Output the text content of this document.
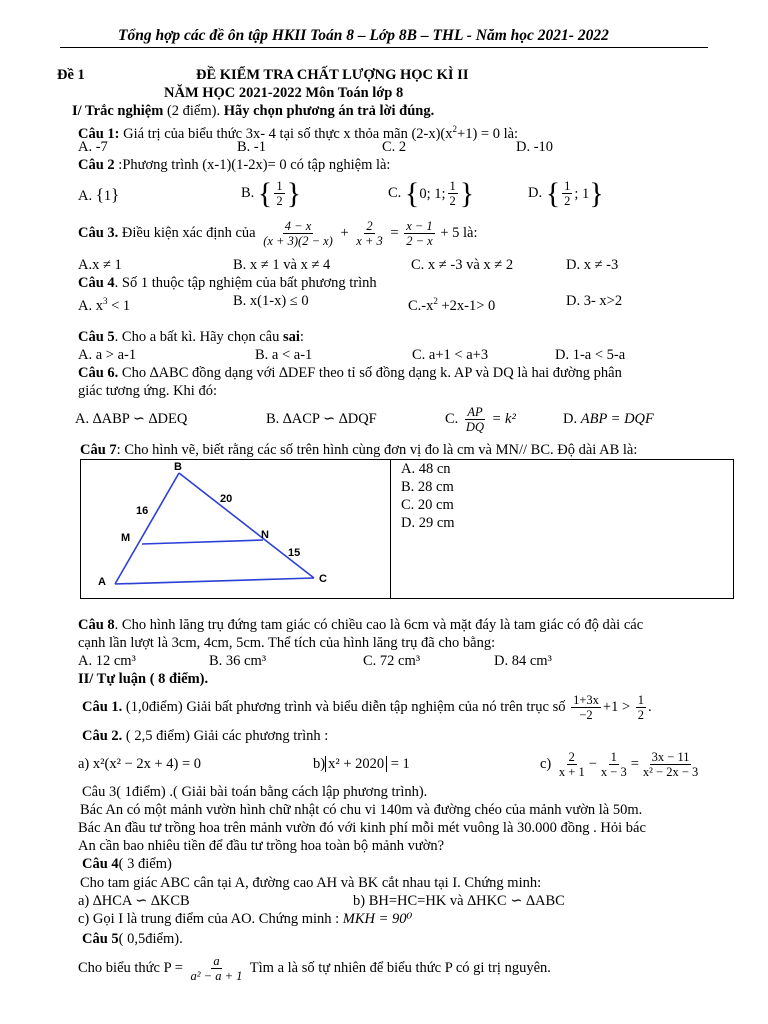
Tổng hợp các đề ôn tập HKII Toán 8 – Lớp 8B – THL - Năm học 2021- 2022
Đề 1	ĐỀ KIỂM TRA CHẤT LƯỢNG HỌC KÌ II
NĂM HỌC 2021-2022 Môn Toán lớp 8
I/ Trắc nghiệm (2 điểm). Hãy chọn phương án trả lời đúng.
Câu 1: Giá trị của biểu thức 3x- 4 tại số thực x thỏa mãn $(2-x)(x^2+1) = 0$ là:
A. -7	B. -1	C. 2	D. -10
Câu 2 :Phương trình (x-1)(1-2x)= 0 có tập nghiệm là:
A. {1}	B. { $\frac{1}{2}$ }	C. { 0; 1; $\frac{1}{2}$ }	D. { $\frac{1}{2}$ ; 1 }
Câu 3. Điều kiện xác định của $\frac{4 - x}{(x + 3)(2 - x)} + \frac{2}{x + 3} = \frac{x - 1}{2 - x} + 5$ là:
A.x ≠ 1	B. x ≠ 1 và x ≠ 4	C. x ≠ -3 và x ≠ 2	D. x ≠ -3
Câu 4. Số 1 thuộc tập nghiệm của bất phương trình
A. $x^3 < 1$	B. x(1-x) ≤ 0	$C.-x^2 +2x-1> 0$	D. 3- x>2
Câu 5. Cho a bất kì. Hãy chọn câu sai:
A. a > a-1	B. a < a-1	C. a+1 < a+3	D. 1-a < 5-a
Câu 6. Cho ∆ABC đồng dạng với ∆DEF theo tỉ số đồng dạng k. AP và DQ là hai đường phân
giác tương ứng. Khi đó:
A. ∆ABP ∽ ∆DEQ	B. ∆ACP ∽ ∆DQF	C. $\frac{AP}{DQ} = k^2$	D. ABP = DQF
Câu 7: Cho hình vẽ, biết rằng các số trên hình cùng đơn vị đo là cm và MN// BC. Độ dài AB là:
B
M	N
A	C
16
20
15
A. 48 cn
B. 28 cm
C. 20 cm
D. 29 cm
Câu 8. Cho hình lăng trụ đứng tam giác có chiều cao là 6cm và mặt đáy là tam giác có độ dài các
cạnh lần lượt là 3cm, 4cm, 5cm. Thể tích của hình lăng trụ đã cho bằng:
A. 12 cm³	B. 36 cm³	C. 72 cm³	D. 84 cm³
II/ Tự luận ( 8 điểm).
Câu 1. (1,0điểm) Giải bất phương trình và biểu diễn tập nghiệm của nó trên trục số $\frac{1+3x}{-2} +1 > \frac{1}{2}$ .
Câu 2. ( 2,5 điểm) Giải các phương trình :
a) x²(x² − 2x + 4) = 0	b) x² + 2020 = 1	$c) \frac{2}{x + 1} - \frac{1}{x - 3} = \frac{3x - 11}{\text{x² − 2x − 3}}$
Câu 3( 1điểm) .( Giải bài toán bằng cách lập phương trình).
Bác An có một mảnh vườn hình chữ nhật có chu vi 140m và đường chéo của mảnh vườn là 50m.
Bác An đầu tư trồng hoa trên mảnh vườn đó với kinh phí mỗi mét vuông là 30.000 đồng . Hỏi bác
An cần bao nhiêu tiền để đầu tư trồng hoa toàn bộ mảnh vườn?
Câu 4( 3 điểm)
Cho tam giác ABC cân tại A, đường cao AH và BK cắt nhau tại I. Chứng minh:
a) ∆HCA ∽ ∆KCB	b) BH=HC=HK và ∆HKC ∽ ∆ABC
c) Gọi I là trung điểm của AO. Chứng minh : MKH = 90⁰
Câu 5( 0,5điểm).
Cho biểu thức $P = \frac{a}{\text{a² − a + 1}}$ Tìm a là số tự nhiên để biểu thức P có gi trị nguyên.
